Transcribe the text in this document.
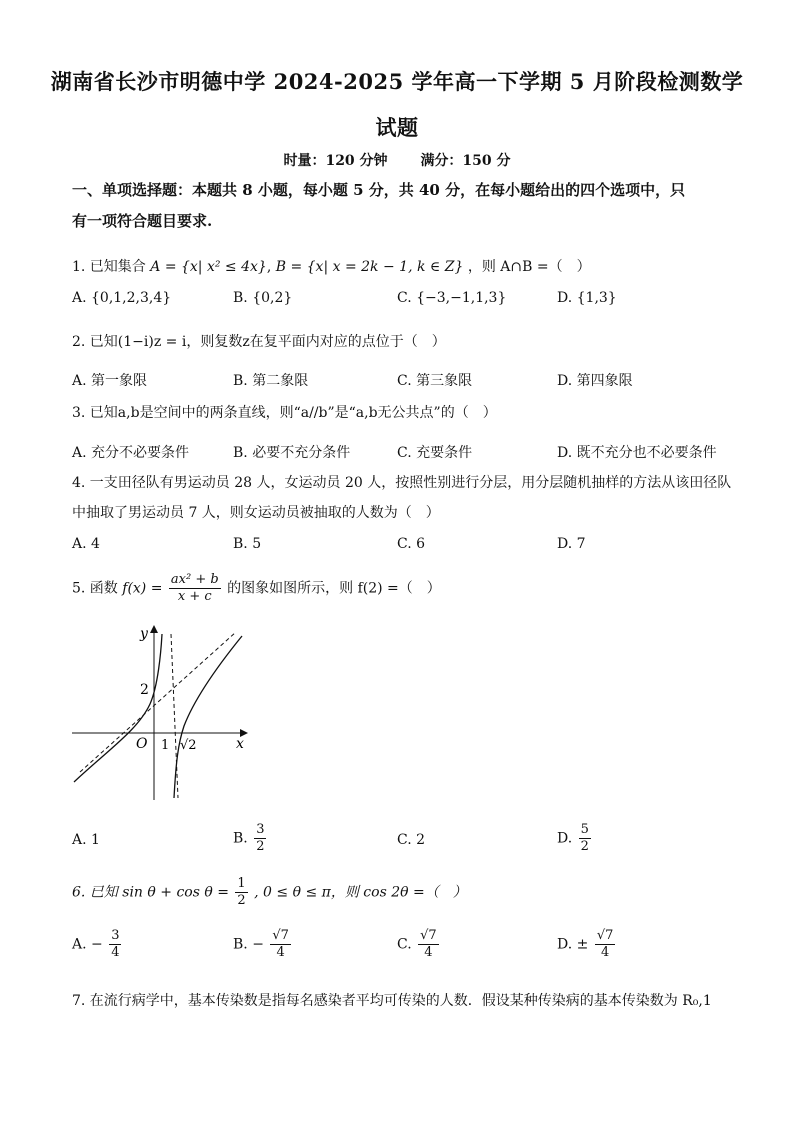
湖南省长沙市明德中学 2024-2025 学年高一下学期 5 月阶段检测数学
试题
时量：120 分钟 满分：150 分
一、单项选择题：本题共 8 小题，每小题 5 分，共 40 分，在每小题给出的四个选项中，只
有一项符合题目要求.
1. 已知集合 A = {x| x² ≤ 4x}, B = {x| x = 2k − 1, k ∈ Z} ，则 A∩B =（　）
A. {0,1,2,3,4}	B. {0,2}	C. {−3,−1,1,3}	D. {1,3}
2. 已知(1−i)z = i，则复数z在复平面内对应的点位于（　）
A. 第一象限	B. 第二象限	C. 第三象限	D. 第四象限
3. 已知a,b是空间中的两条直线，则“a//b”是“a,b无公共点”的（　）
A. 充分不必要条件	B. 必要不充分条件	C. 充要条件	D. 既不充分也不必要条件
4. 一支田径队有男运动员 28 人，女运动员 20 人，按照性别进行分层，用分层随机抽样的方法从该田径队
中抽取了男运动员 7 人，则女运动员被抽取的人数为（　）
A. 4	B. 5	C. 6	D. 7
5. 函数 $f(x) = \frac{\text{ax² + b}}{x + c}$ 的图象如图所示，则 f(2) =（　）
y
x
O
2
1 √2
A. 1	B. $\frac{3}{2}$	C. 2	D. $\frac{5}{2}$
6. 已知 $\sin \theta + \cos \theta = \frac{1}{2}$ , 0 ≤ θ ≤ π，则 cos 2θ =（　）
A. − $\frac{3}{4}$	B. − $\frac{√7}{4}$	C. $\frac{√7}{4}$	D. ± $\frac{√7}{4}$
7. 在流行病学中，基本传染数是指每名感染者平均可传染的人数．假设某种传染病的基本传染数为 R₀,1
